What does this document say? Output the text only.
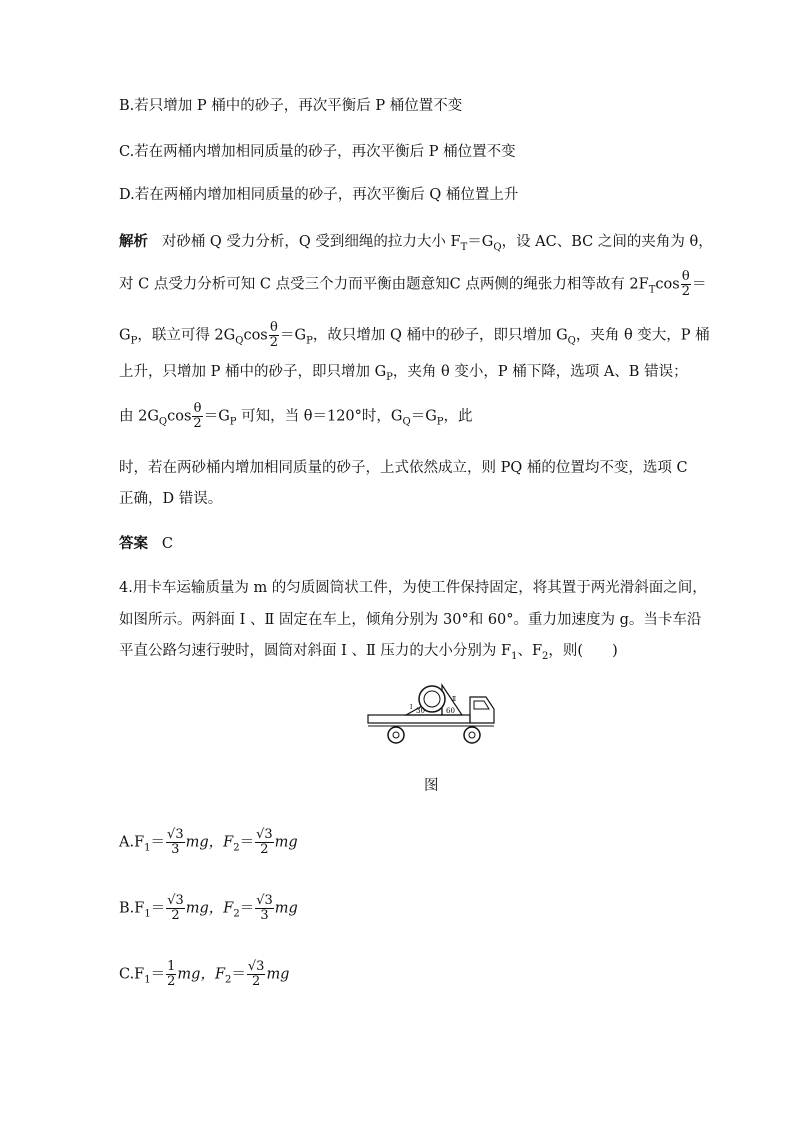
B.若只增加 P 桶中的砂子，再次平衡后 P 桶位置不变
C.若在两桶内增加相同质量的砂子，再次平衡后 P 桶位置不变
D.若在两桶内增加相同质量的砂子，再次平衡后 Q 桶位置上升
解析 对砂桶 Q 受力分析，Q 受到细绳的拉力大小 $F_T=G_Q$，设 AC、BC 之间的夹角为 θ，
对 C 点受力分析可知 C 点受三个力而平衡由题意知C 点两侧的绳张力相等故有 $2F_T\cos \frac{\theta}{2}$ ＝
$G_P$，联立可得 $2G_Q\cos \frac{\theta}{2} =G_P$，故只增加 Q 桶中的砂子，即只增加 $G_Q$，夹角 θ 变大，P 桶
上升，只增加 P 桶中的砂子，即只增加 $G_P$，夹角 θ 变小，P 桶下降，选项 A、B 错误；
由 $2G_Q\cos \frac{\theta}{2} =G_P$ 可知，当 θ＝120°时，$G_Q=G_P$，此
时，若在两砂桶内增加相同质量的砂子，上式依然成立，则 PQ 桶的位置均不变，选项 C
正确，D 错误。
答案 C
4.用卡车运输质量为 m 的匀质圆筒状工件，为使工件保持固定，将其置于两光滑斜面之间，
如图所示。两斜面 Ⅰ 、Ⅱ 固定在车上，倾角分别为 30°和 60°。重力加速度为 g。当卡车沿
平直公路匀速行驶时，圆筒对斜面 Ⅰ 、Ⅱ 压力的大小分别为 $F_1$、$F_2$，则(　　)
30	60
Ⅰ
Ⅱ
图
$A.F_1= \frac{√3}{3}$ mg，$F_2= \frac{√3}{2}$ mg
$B.F_1= \frac{√3}{2}$ mg，$F_2= \frac{√3}{3}$ mg
$C.F_1= \frac{1}{2}$ mg，$F_2= \frac{√3}{2}$ mg
